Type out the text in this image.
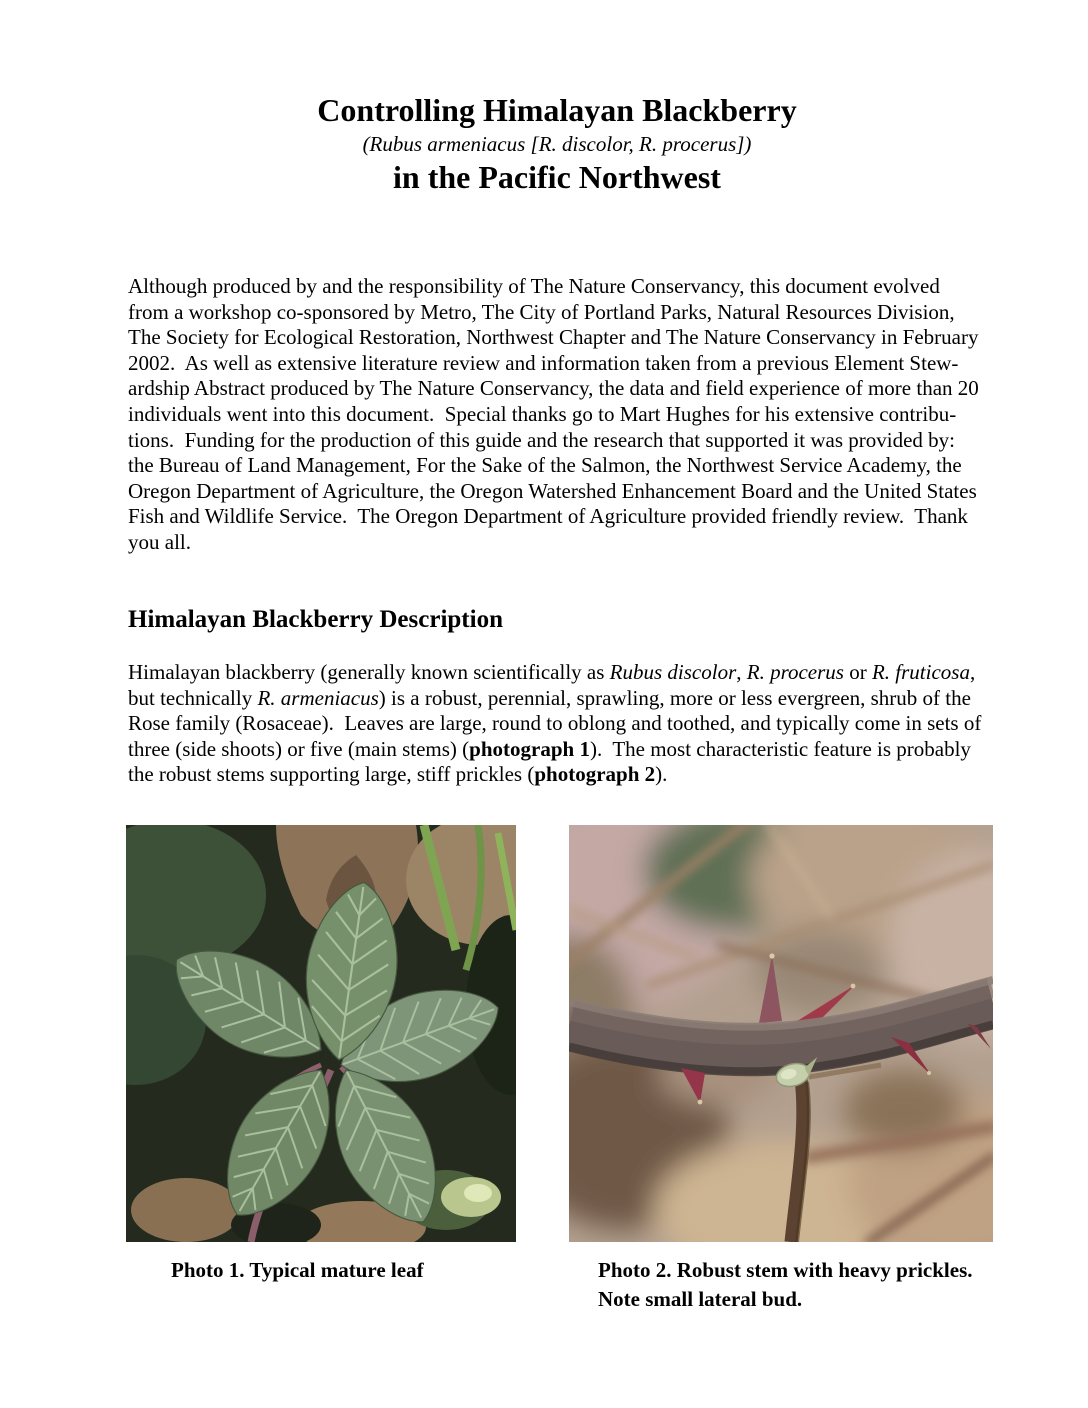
Controlling Himalayan Blackberry
(Rubus armeniacus [R. discolor, R. procerus])
in the Pacific Northwest
Although produced by and the responsibility of The Nature Conservancy, this document evolved
from a workshop co-sponsored by Metro, The City of Portland Parks, Natural Resources Division,
The Society for Ecological Restoration, Northwest Chapter and The Nature Conservancy in February
2002.  As well as extensive literature review and information taken from a previous Element Stew-
ardship Abstract produced by The Nature Conservancy, the data and field experience of more than 20
individuals went into this document.  Special thanks go to Mart Hughes for his extensive contribu-
tions.  Funding for the production of this guide and the research that supported it was provided by:
the Bureau of Land Management, For the Sake of the Salmon, the Northwest Service Academy, the
Oregon Department of Agriculture, the Oregon Watershed Enhancement Board and the United States
Fish and Wildlife Service.  The Oregon Department of Agriculture provided friendly review.  Thank
you all.
Himalayan Blackberry Description
Himalayan blackberry (generally known scientifically as Rubus discolor, R. procerus or R. fruticosa,
but technically R. armeniacus) is a robust, perennial, sprawling, more or less evergreen, shrub of the
Rose family (Rosaceae).  Leaves are large, round to oblong and toothed, and typically come in sets of
three (side shoots) or five (main stems) (photograph 1).  The most characteristic feature is probably
the robust stems supporting large, stiff prickles (photograph 2).
Photo 1. Typical mature leaf	Photo 2. Robust stem with heavy prickles.
Note small lateral bud.
